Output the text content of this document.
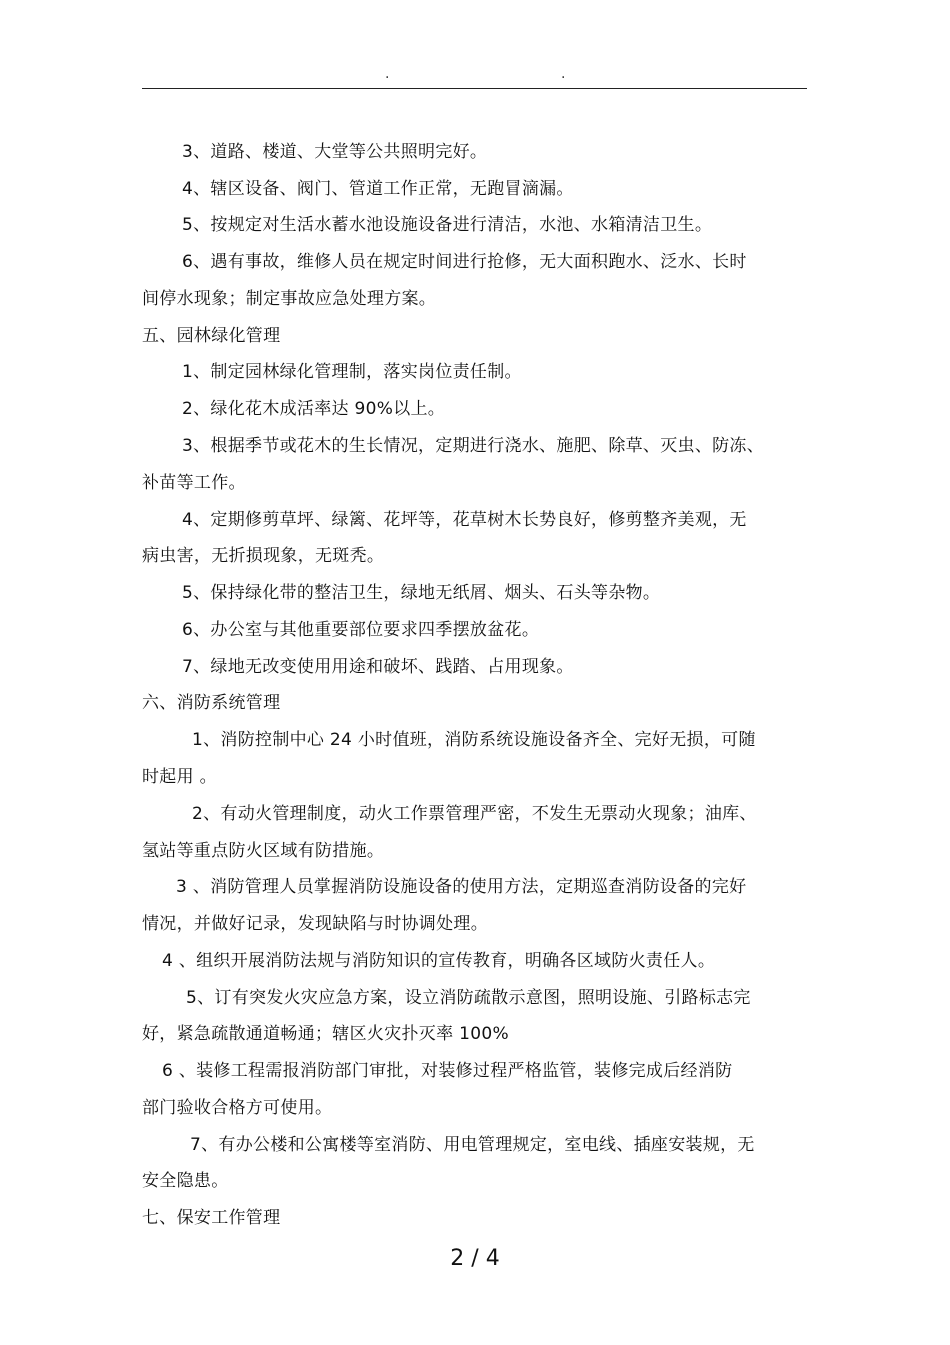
.	.
3、道路、楼道、大堂等公共照明完好。
4、辖区设备、阀门、管道工作正常，无跑冒滴漏。
5、按规定对生活水蓄水池设施设备进行清洁，水池、水箱清洁卫生。
6、遇有事故，维修人员在规定时间进行抢修，无大面积跑水、泛水、长时
间停水现象；制定事故应急处理方案。
五、园林绿化管理
1、制定园林绿化管理制，落实岗位责任制。
2、绿化花木成活率达 90%以上。
3、根据季节或花木的生长情况，定期进行浇水、施肥、除草、灭虫、防冻、
补苗等工作。
4、定期修剪草坪、绿篱、花坪等，花草树木长势良好，修剪整齐美观，无
病虫害，无折损现象，无斑秃。
5、保持绿化带的整洁卫生，绿地无纸屑、烟头、石头等杂物。
6、办公室与其他重要部位要求四季摆放盆花。
7、绿地无改变使用用途和破坏、践踏、占用现象。
六、消防系统管理
1、消防控制中心 24 小时值班，消防系统设施设备齐全、完好无损，可随
时起用 。
2、有动火管理制度，动火工作票管理严密，不发生无票动火现象；油库、
氢站等重点防火区域有防措施。
3 、消防管理人员掌握消防设施设备的使用方法，定期巡查消防设备的完好
情况，并做好记录，发现缺陷与时协调处理。
4 、组织开展消防法规与消防知识的宣传教育，明确各区域防火责任人。
5、订有突发火灾应急方案，设立消防疏散示意图，照明设施、引路标志完
好，紧急疏散通道畅通；辖区火灾扑灭率 100%
6 、装修工程需报消防部门审批，对装修过程严格监管，装修完成后经消防
部门验收合格方可使用。
7、有办公楼和公寓楼等室消防、用电管理规定，室电线、插座安装规，无
安全隐患。
七、保安工作管理
2 / 4
